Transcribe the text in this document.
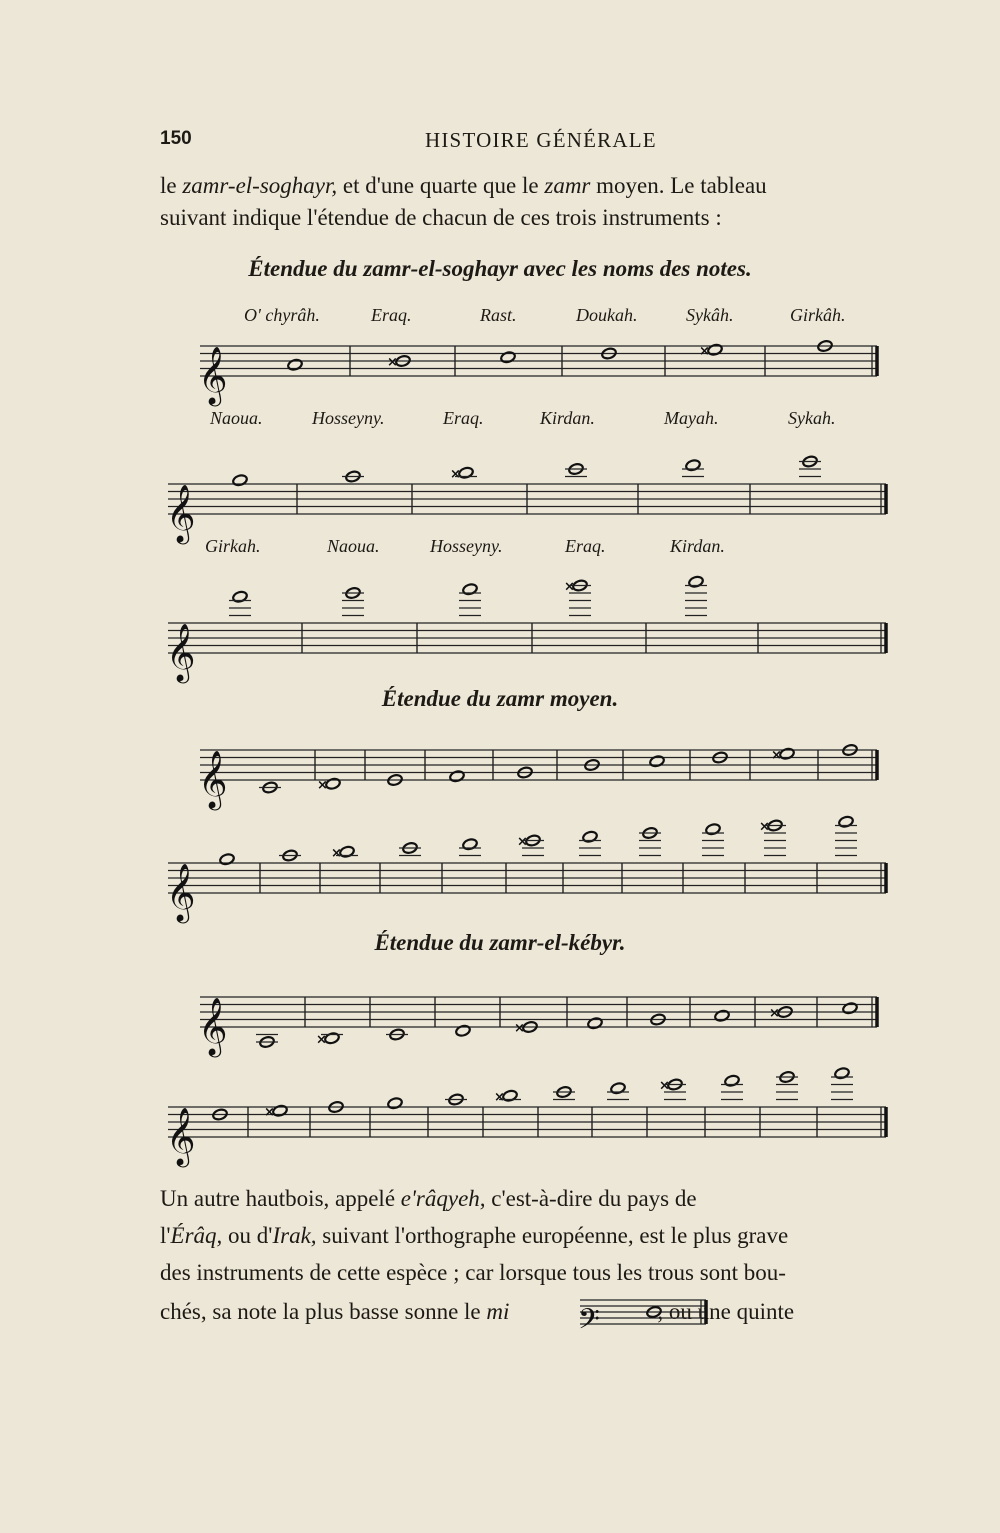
150	HISTOIRE GÉNÉRALE
le zamr-el-soghayr, et d'une quarte que le zamr moyen. Le tableau
suivant indique l'étendue de chacun de ces trois instruments :
Étendue du zamr-el-soghayr avec les noms des notes.
O' chyrâh.	Eraq.	Rast.	Doukah.	Sykâh.	Girkâh.
Naoua.	Hosseyny.	Eraq.	Kirdan.	Mayah.	Sykah.
Girkah.	Naoua.	Hosseyny.	Eraq.	Kirdan.
𝄞	×
×
𝄞
×
𝄞
×
Étendue du zamr moyen.
𝄞	×
×
𝄞
×
×
×
Étendue du zamr-el-kébyr.
𝄞	×
×
×
𝄞	×
×
×
Un autre hautbois, appelé e'râqyeh, c'est-à-dire du pays de
l'Érâq, ou d'Irak, suivant l'orthographe européenne, est le plus grave
des instruments de cette espèce ; car lorsque tous les trous sont bou-
chés, sa note la plus basse sonne le mi	, ou une quinte
𝄢
